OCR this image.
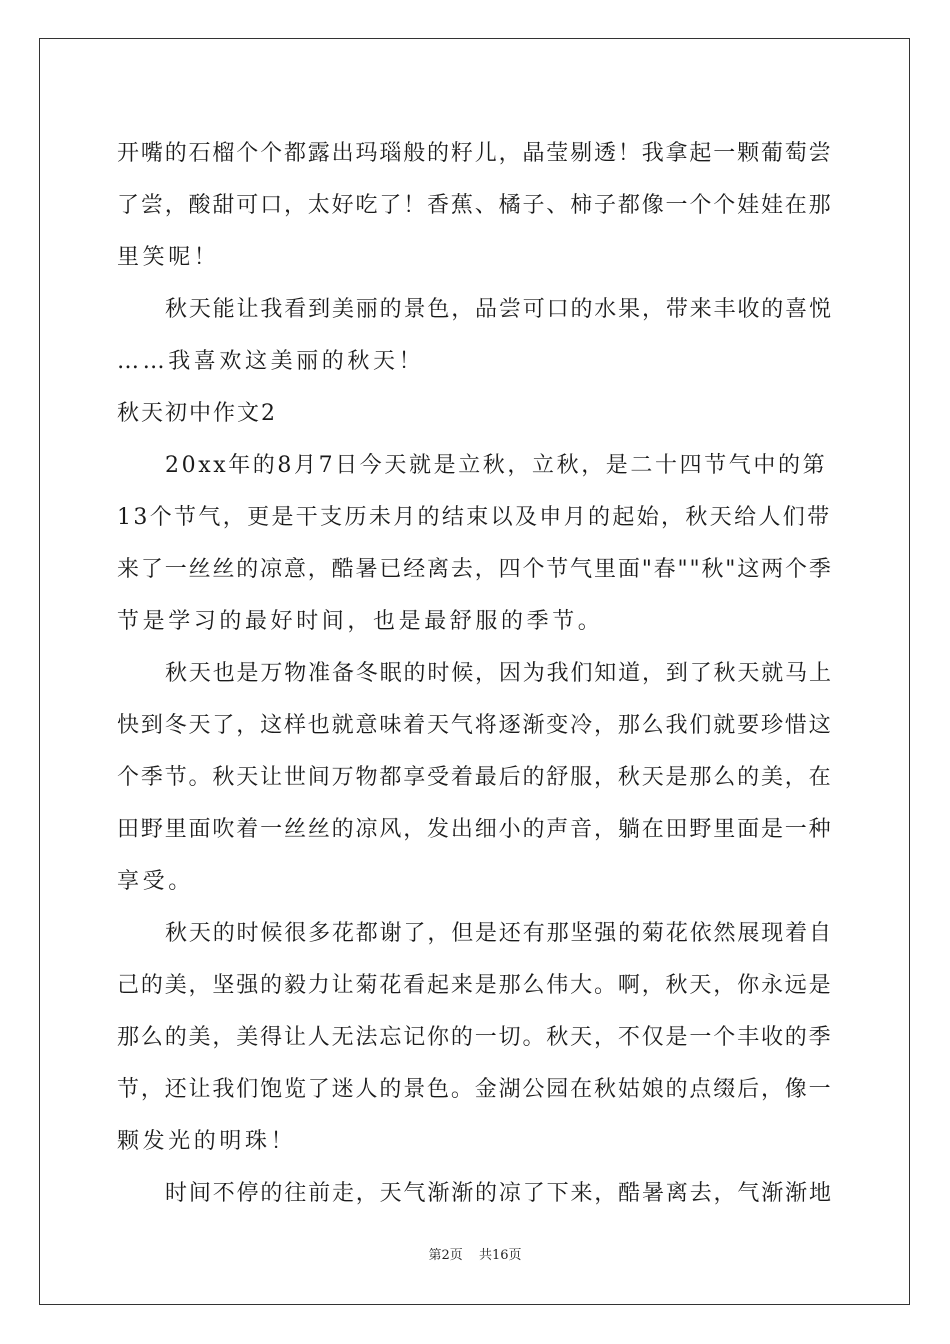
开嘴的石榴个个都露出玛瑙般的籽儿，晶莹剔透！我拿起一颗葡萄尝
了尝，酸甜可口，太好吃了！香蕉、橘子、柿子都像一个个娃娃在那
里笑呢！
秋天能让我看到美丽的景色，品尝可口的水果，带来丰收的喜悦
……我喜欢这美丽的秋天！
秋天初中作文2
20xx年的8月7日今天就是立秋，立秋，是二十四节气中的第
13个节气，更是干支历未月的结束以及申月的起始，秋天给人们带
来了一丝丝的凉意，酷暑已经离去，四个节气里面"春""秋"这两个季
节是学习的最好时间，也是最舒服的季节。
秋天也是万物准备冬眠的时候，因为我们知道，到了秋天就马上
快到冬天了，这样也就意味着天气将逐渐变冷，那么我们就要珍惜这
个季节。秋天让世间万物都享受着最后的舒服，秋天是那么的美，在
田野里面吹着一丝丝的凉风，发出细小的声音，躺在田野里面是一种
享受。
秋天的时候很多花都谢了，但是还有那坚强的菊花依然展现着自
己的美，坚强的毅力让菊花看起来是那么伟大。啊，秋天，你永远是
那么的美，美得让人无法忘记你的一切。秋天，不仅是一个丰收的季
节，还让我们饱览了迷人的景色。金湖公园在秋姑娘的点缀后，像一
颗发光的明珠！
时间不停的往前走，天气渐渐的凉了下来，酷暑离去，气渐渐地
第2页 共16页
